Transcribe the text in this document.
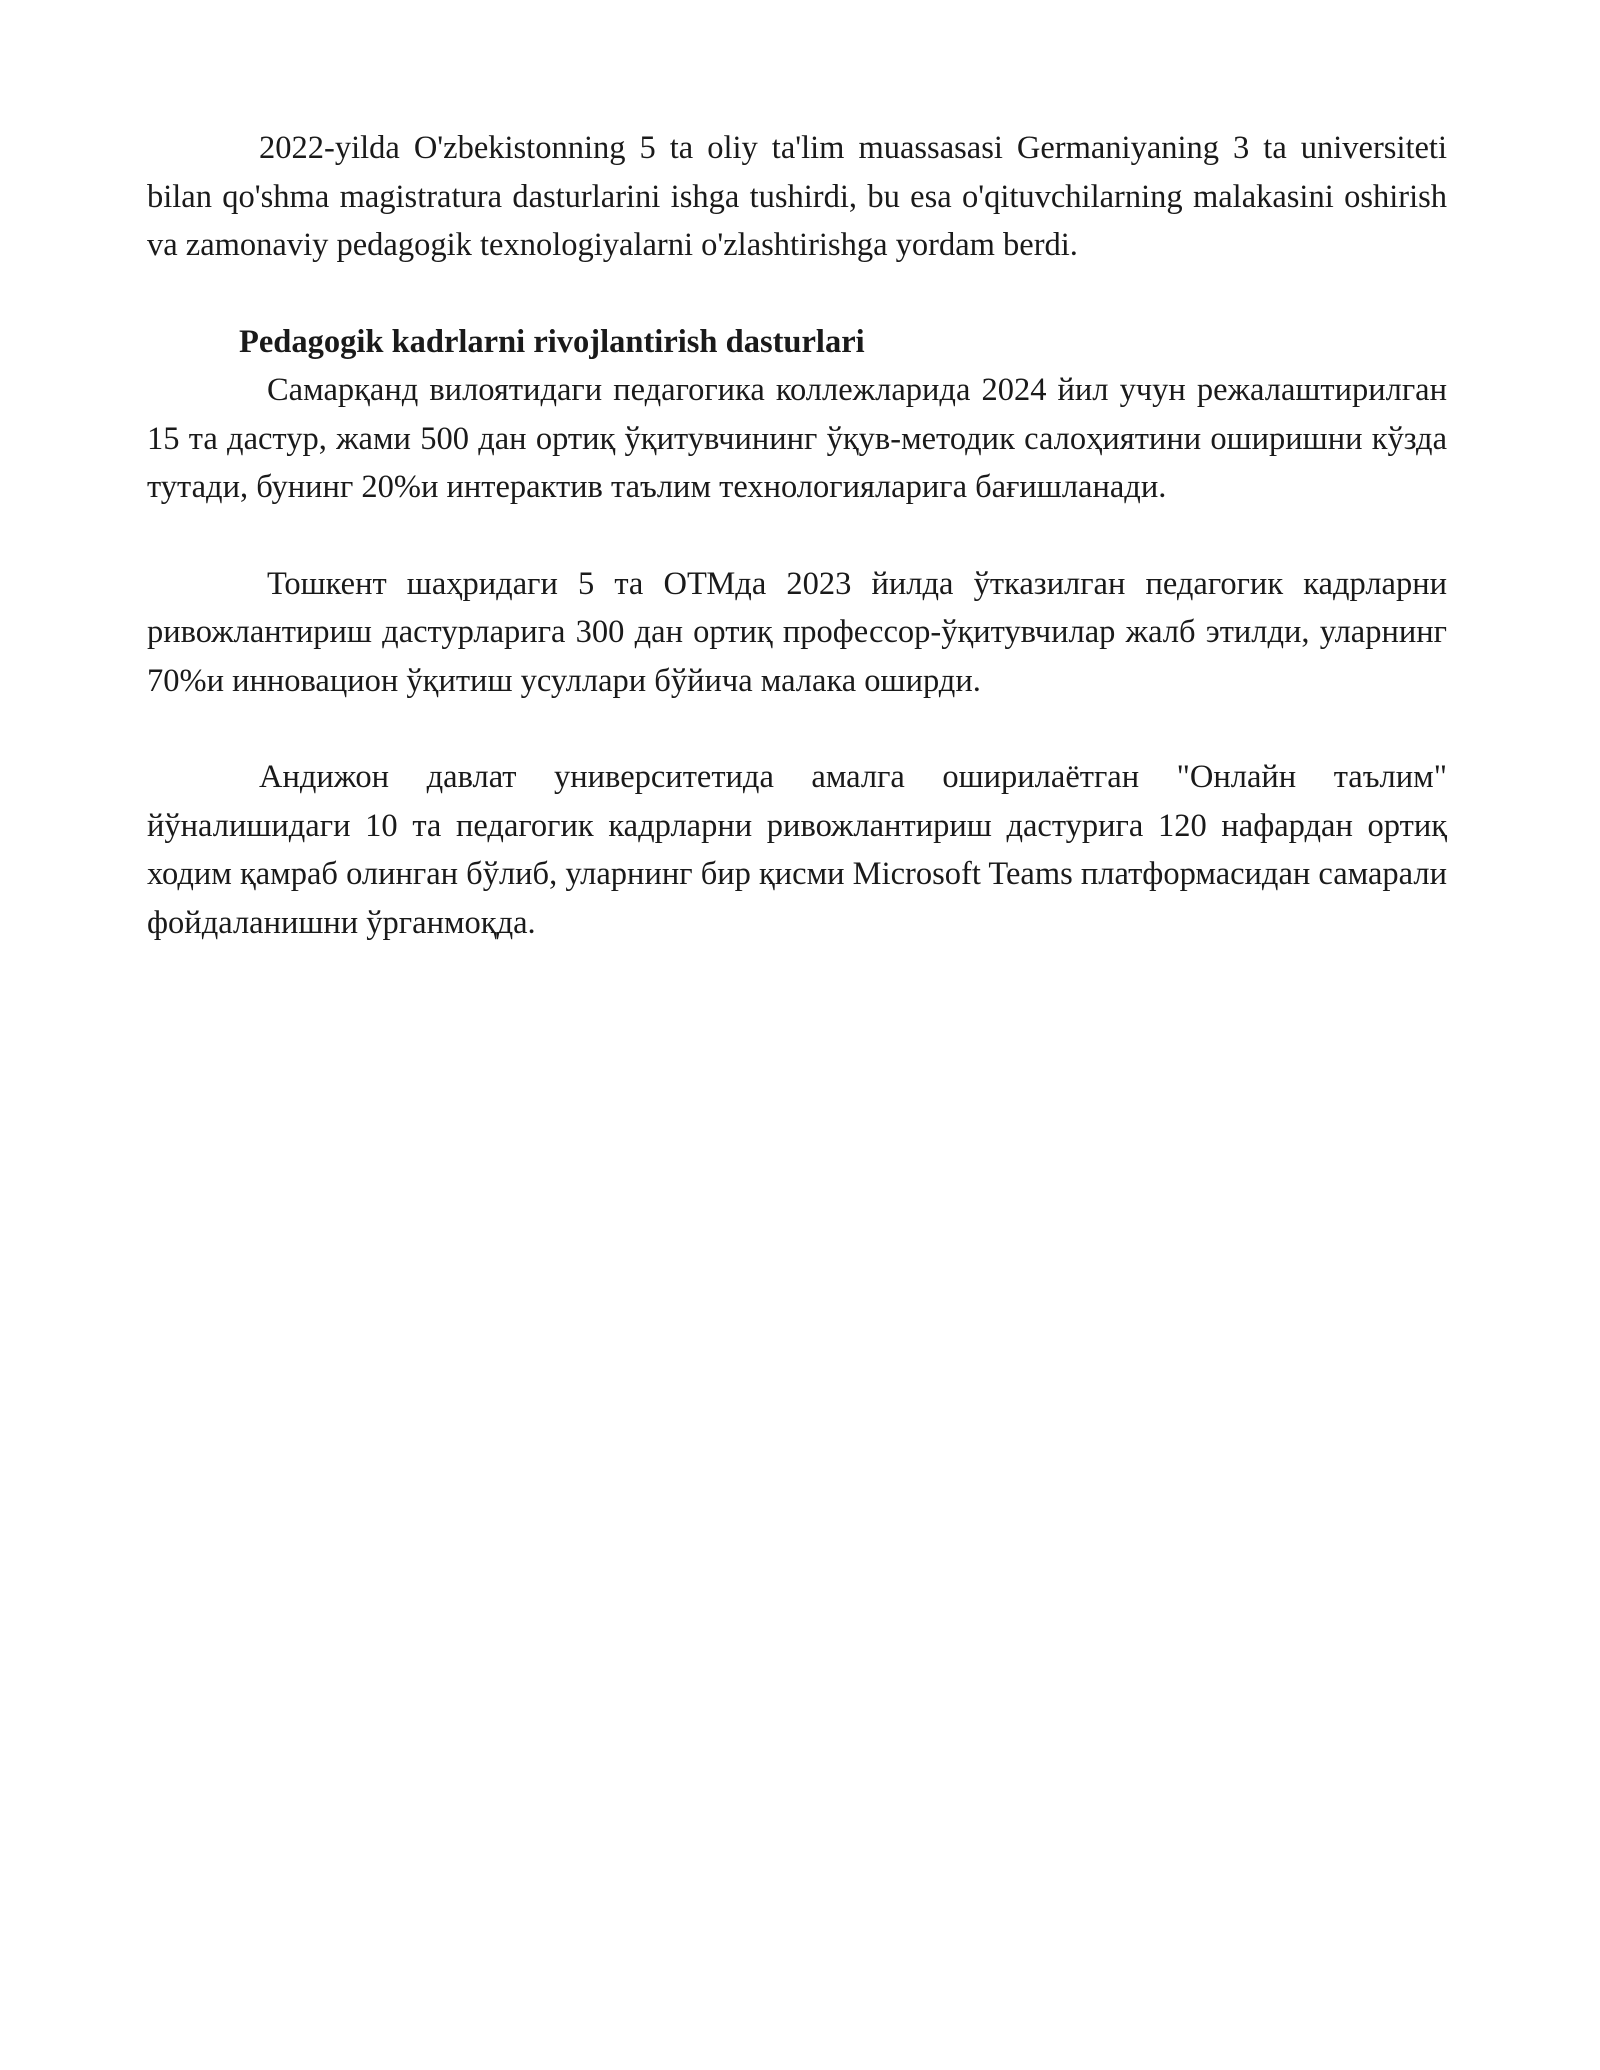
2022-yilda O'zbekistonning 5 ta oliy ta'lim muassasasi Germaniyaning 3 ta universiteti bilan qo'shma magistratura dasturlarini ishga tushirdi, bu esa o'qituvchilarning malakasini oshirish va zamonaviy pedagogik texnologiyalarni o'zlashtirishga yordam berdi.

Pedagogik kadrlarni rivojlantirish dasturlari

Самарқанд вилоятидаги педагогика коллежларида 2024 йил учун режалаштирилган 15 та дастур, жами 500 дан ортиқ ўқитувчининг ўқув-методик салоҳиятини оширишни кўзда тутади, бунинг 20%и интерактив таълим технологияларига бағишланади.

Тошкент шаҳридаги 5 та ОТМда 2023 йилда ўтказилган педагогик кадрларни ривожлантириш дастурларига 300 дан ортиқ профессор-ўқитувчилар жалб этилди, уларнинг 70%и инновацион ўқитиш усуллари бўйича малака оширди.

Андижон давлат университетида амалга оширилаётган "Онлайн таълим" йўналишидаги 10 та педагогик кадрларни ривожлантириш дастурига 120 нафардан ортиқ ходим қамраб олинган бўлиб, уларнинг бир қисми Microsoft Teams платформасидан самарали фойдаланишни ўрганмоқда.
